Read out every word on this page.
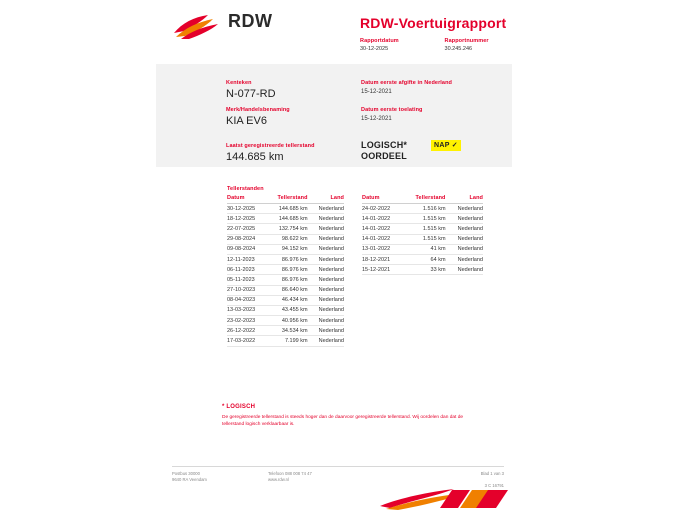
RDW	RDW-Voertuigrapport
Rapportdatum
30-12-2025

Rapportnummer
30.245.246
Kenteken
N-077-RD
Merk/Handelsbenaming
KIA EV6
Laatst geregistreerde tellerstand
144.685 km
Datum eerste afgifte in Nederland
15-12-2021
Datum eerste toelating
15-12-2021
LOGISCH*
OORDEEL
NAP ✓
Tellerstanden
Datum	Tellerstand	Land
30-12-2025	144.685 km	Nederland
18-12-2025	144.685 km	Nederland
22-07-2025	132.754 km	Nederland
29-08-2024	98.622 km	Nederland
09-08-2024	94.152 km	Nederland
12-11-2023	86.976 km	Nederland
06-11-2023	86.976 km	Nederland
05-11-2023	86.976 km	Nederland
27-10-2023	86.640 km	Nederland
08-04-2023	46.434 km	Nederland
13-03-2023	43.455 km	Nederland
23-02-2023	40.956 km	Nederland
26-12-2022	34.534 km	Nederland
17-03-2022	7.199 km	Nederland
Datum	Tellerstand	Land
24-02-2022	1.516 km	Nederland
14-01-2022	1.515 km	Nederland
14-01-2022	1.515 km	Nederland
14-01-2022	1.515 km	Nederland
13-01-2022	41 km	Nederland
18-12-2021	64 km	Nederland
15-12-2021	33 km	Nederland
* LOGISCH
De geregistreerde tellerstand is steeds hoger dan de daarvoor geregistreerde tellerstand. Wij oordelen dan dat de tellerstand logisch verklaarbaar is.
Postbus 30000
9640 RA Veendam
Telefoon 088 008 74 47
www.rdw.nl
Blad 1 van 3
3 C 16791
